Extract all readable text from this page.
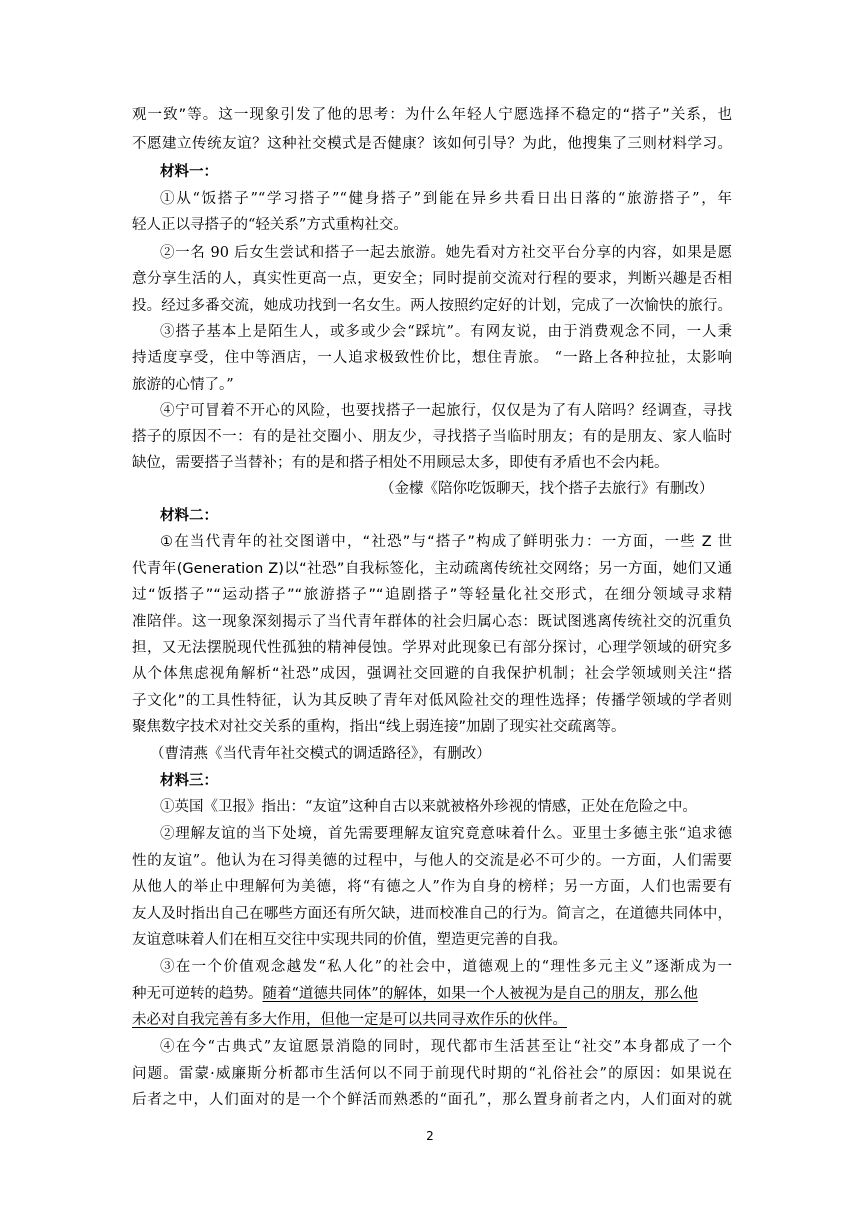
观一致”等。这一现象引发了他的思考：为什么年轻人宁愿选择不稳定的“搭子”关系，也
不愿建立传统友谊？这种社交模式是否健康？该如何引导？为此，他搜集了三则材料学习。
材料一：
①从“饭搭子”“学习搭子”“健身搭子”到能在异乡共看日出日落的“旅游搭子”，年
轻人正以寻搭子的“轻关系”方式重构社交。
②一名 90 后女生尝试和搭子一起去旅游。她先看对方社交平台分享的内容，如果是愿
意分享生活的人，真实性更高一点，更安全；同时提前交流对行程的要求，判断兴趣是否相
投。经过多番交流，她成功找到一名女生。两人按照约定好的计划，完成了一次愉快的旅行。
③搭子基本上是陌生人，或多或少会“踩坑”。有网友说，由于消费观念不同，一人秉
持适度享受，住中等酒店，一人追求极致性价比，想住青旅。 “一路上各种拉扯，太影响
旅游的心情了。”
④宁可冒着不开心的风险，也要找搭子一起旅行，仅仅是为了有人陪吗？经调查，寻找
搭子的原因不一：有的是社交圈小、朋友少，寻找搭子当临时朋友；有的是朋友、家人临时
缺位，需要搭子当替补；有的是和搭子相处不用顾忌太多，即使有矛盾也不会内耗。
（金檬《陪你吃饭聊天，找个搭子去旅行》有删改）
材料二：
①在当代青年的社交图谱中，“社恐”与“搭子”构成了鲜明张力：一方面，一些 Z 世
代青年(Generation Z)以“社恐”自我标签化，主动疏离传统社交网络；另一方面，她们又通
过“饭搭子”“运动搭子”“旅游搭子”“追剧搭子”等轻量化社交形式，在细分领域寻求精
准陪伴。这一现象深刻揭示了当代青年群体的社会归属心态：既试图逃离传统社交的沉重负
担，又无法摆脱现代性孤独的精神侵蚀。学界对此现象已有部分探讨，心理学领域的研究多
从个体焦虑视角解析“社恐”成因，强调社交回避的自我保护机制；社会学领域则关注“搭
子文化”的工具性特征，认为其反映了青年对低风险社交的理性选择；传播学领域的学者则
聚焦数字技术对社交关系的重构，指出“线上弱连接”加剧了现实社交疏离等。
（曹清燕《当代青年社交模式的调适路径》，有删改）
材料三：
①英国《卫报》指出：“友谊”这种自古以来就被格外珍视的情感，正处在危险之中。
②理解友谊的当下处境，首先需要理解友谊究竟意味着什么。亚里士多德主张“追求德
性的友谊”。他认为在习得美德的过程中，与他人的交流是必不可少的。一方面，人们需要
从他人的举止中理解何为美德，将“有德之人”作为自身的榜样；另一方面，人们也需要有
友人及时指出自己在哪些方面还有所欠缺，进而校准自己的行为。简言之，在道德共同体中，
友谊意味着人们在相互交往中实现共同的价值，塑造更完善的自我。
③在一个价值观念越发“私人化”的社会中，道德观上的“理性多元主义”逐渐成为一
种无可逆转的趋势。随着“道德共同体”的解体，如果一个人被视为是自己的朋友，那么他
未必对自我完善有多大作用，但他一定是可以共同寻欢作乐的伙伴。
④在今“古典式”友谊愿景消隐的同时，现代都市生活甚至让“社交”本身都成了一个
问题。雷蒙·威廉斯分析都市生活何以不同于前现代时期的“礼俗社会”的原因：如果说在
后者之中，人们面对的是一个个鲜活而熟悉的“面孔”，那么置身前者之内，人们面对的就
2
